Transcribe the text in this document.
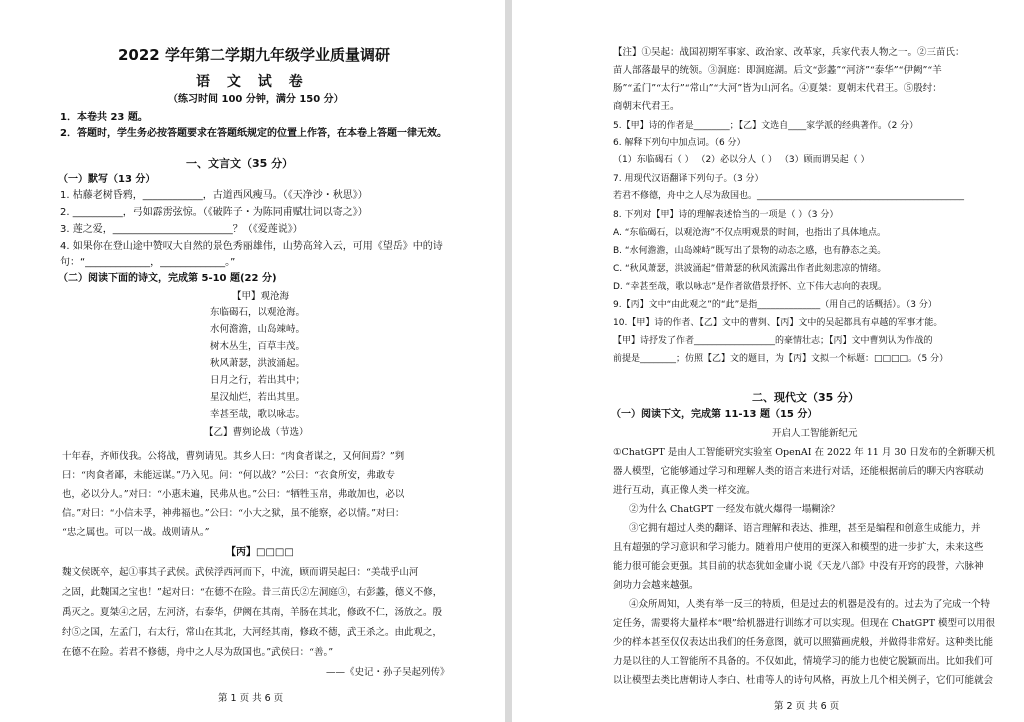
2022 学年第二学期九年级学业质量调研
语 文 试 卷
（练习时间 100 分钟，满分 150 分）
1．本卷共 23 题。
2．答题时，学生务必按答题要求在答题纸规定的位置上作答，在本卷上答题一律无效。
一、文言文（35 分）
（一）默写（13 分）
1. 枯藤老树昏鸦，____________，古道西风瘦马。（《天净沙・秋思》）
2. __________，弓如霹雳弦惊。（《破阵子・为陈同甫赋壮词以寄之》）
3. 莲之爱，________________________？（《爱莲说》）
4. 如果你在登山途中赞叹大自然的景色秀丽雄伟，山势高耸入云，可用《望岳》中的诗
句：“_____________，_____________。”
（二）阅读下面的诗文，完成第 5-10 题(22 分)
【甲】观沧海
东临碣石，以观沧海。
水何澹澹，山岛竦峙。
树木丛生，百草丰茂。
秋风萧瑟，洪波涌起。
日月之行，若出其中；
星汉灿烂，若出其里。
幸甚至哉，歌以咏志。
【乙】曹刿论战（节选）
十年春，齐师伐我。公将战，曹刿请见。其乡人曰：“肉食者谋之，又何间焉？”刿
曰：“肉食者鄙，未能远谋。”乃入见。问：“何以战？”公曰：“衣食所安，弗敢专
也，必以分人。”对曰：“小惠未遍，民弗从也。”公曰：“牺牲玉帛，弗敢加也，必以
信。”对曰：“小信未孚，神弗福也。”公曰：“小大之狱，虽不能察，必以情。”对曰：
“忠之属也。可以一战。战则请从。”
【丙】□□□□
魏文侯既卒，起①事其子武侯。武侯浮西河而下，中流，顾而谓吴起曰：“美哉乎山河
之固，此魏国之宝也！”起对曰：“在德不在险。昔三苗氏②左洞庭③，右彭蠡，德义不修，
禹灭之。夏桀④之居，左河济，右泰华，伊阙在其南，羊肠在其北，修政不仁，汤放之。殷
纣⑤之国，左孟门，右太行，常山在其北，大河经其南，修政不德，武王杀之。由此观之，
在德不在险。若君不修德，舟中之人尽为敌国也。”武侯曰：“善。”
——《史记・孙子吴起列传》
第 1 页 共 6 页
【注】①吴起：战国初期军事家、政治家、改革家，兵家代表人物之一。②三苗氏：
苗人部落最早的统领。③洞庭：即洞庭湖。后文“彭蠡”“河济”“泰华”“伊阙”“羊
肠”“孟门”“太行”“常山”“大河”皆为山河名。④夏桀：夏朝末代君王。⑤殷纣：
商朝末代君王。
5.【甲】诗的作者是________；【乙】文选自____家学派的经典著作。（2 分）
6. 解释下列句中加点词。（6 分）
（1）东临碣石（ ） （2）必以分人（ ） （3）顾而谓吴起（ ）
7. 用现代汉语翻译下列句子。（3 分）
若君不修德，舟中之人尽为敌国也。______________________________________________
8. 下列对【甲】诗的理解表述恰当的一项是（ ）（3 分）
A. “东临碣石，以观沧海”不仅点明观景的时间，也指出了具体地点。
B. “水何澹澹，山岛竦峙”既写出了景物的动态之感，也有静态之美。
C. “秋风萧瑟，洪波涌起”借萧瑟的秋风流露出作者此刻悲凉的情绪。
D. “幸甚至哉，歌以咏志”是作者欲借景抒怀、立下伟大志向的表现。
9.【丙】文中“由此观之”的“此”是指______________（用自己的话概括）。（3 分）
10.【甲】诗的作者、【乙】文中的曹刿、【丙】文中的吴起都具有卓越的军事才能。
【甲】诗抒发了作者__________________的豪情壮志；【丙】文中曹刿认为作战的
前提是________；仿照【乙】文的题目，为【丙】文拟一个标题：□□□□。（5 分）
二、现代文（35 分）
（一）阅读下文，完成第 11-13 题（15 分）
开启人工智能新纪元
①ChatGPT 是由人工智能研究实验室 OpenAI 在 2022 年 11 月 30 日发布的全新聊天机
器人模型，它能够通过学习和理解人类的语言来进行对话，还能根据前后的聊天内容联动
进行互动，真正像人类一样交流。
②为什么 ChatGPT 一经发布就火爆得一塌糊涂？
③它拥有超过人类的翻译、语言理解和表达、推理，甚至是编程和创意生成能力，并
且有超强的学习意识和学习能力。随着用户使用的更深入和模型的进一步扩大，未来这些
能力很可能会更强。其目前的状态犹如金庸小说《天龙八部》中没有开窍的段誉，六脉神
剑功力会越来越强。
④众所周知，人类有举一反三的特质，但是过去的机器是没有的。过去为了完成一个特
定任务，需要将大量样本“喂”给机器进行训练才可以实现。但现在 ChatGPT 模型可以用很
少的样本甚至仅仅表达出我们的任务意图，就可以照猫画虎般，并做得非常好。这种类比能
力是以往的人工智能所不具备的。不仅如此，情境学习的能力也使它脱颖而出。比如我们可
以让模型去类比唐朝诗人李白、杜甫等人的诗句风格，再放上几个相关例子，它们可能就会
第 2 页 共 6 页
